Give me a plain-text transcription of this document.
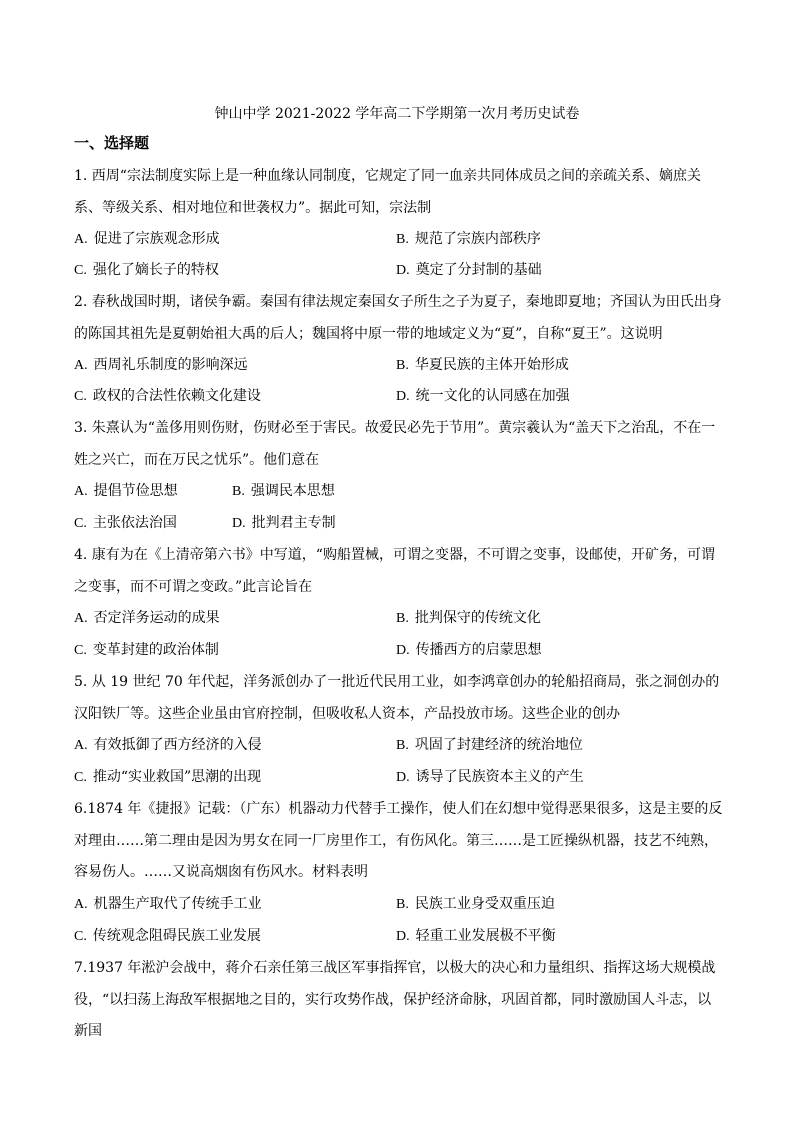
钟山中学 2021-2022 学年高二下学期第一次月考历史试卷
一、选择题

1. 西周“宗法制度实际上是一种血缘认同制度，它规定了同一血亲共同体成员之间的亲疏关系、嫡庶关系、等级关系、相对地位和世袭权力”。据此可知，宗法制

A. 促进了宗族观念形成	B. 规范了宗族内部秩序
C. 强化了嫡长子的特权	D. 奠定了分封制的基础

2. 春秋战国时期，诸侯争霸。秦国有律法规定秦国女子所生之子为夏子，秦地即夏地；齐国认为田氏出身的陈国其祖先是夏朝始祖大禹的后人；魏国将中原一带的地域定义为“夏”，自称“夏王”。这说明

A. 西周礼乐制度的影响深远	B. 华夏民族的主体开始形成
C. 政权的合法性依赖文化建设	D. 统一文化的认同感在加强

3. 朱熹认为“盖侈用则伤财，伤财必至于害民。故爱民必先于节用”。黄宗羲认为“盖天下之治乱，不在一姓之兴亡，而在万民之忧乐”。他们意在

A. 提倡节俭思想	B. 强调民本思想
C. 主张依法治国	D. 批判君主专制

4. 康有为在《上清帝第六书》中写道，“购船置械，可谓之变器，不可谓之变事，设邮使，开矿务，可谓之变事，而不可谓之变政。”此言论旨在

A. 否定洋务运动的成果	B. 批判保守的传统文化
C. 变革封建的政治体制	D. 传播西方的启蒙思想

5. 从 19 世纪 70 年代起，洋务派创办了一批近代民用工业，如李鸿章创办的轮船招商局，张之洞创办的汉阳铁厂等。这些企业虽由官府控制，但吸收私人资本，产品投放市场。这些企业的创办

A. 有效抵御了西方经济的入侵	B. 巩固了封建经济的统治地位
C. 推动“实业救国”思潮的出现	D. 诱导了民族资本主义的产生

6.1874 年《捷报》记载：（广东）机器动力代替手工操作，使人们在幻想中觉得恶果很多，这是主要的反对理由……第二理由是因为男女在同一厂房里作工，有伤风化。第三……是工匠操纵机器，技艺不纯熟，容易伤人。……又说高烟囱有伤风水。材料表明

A. 机器生产取代了传统手工业	B. 民族工业身受双重压迫
C. 传统观念阻碍民族工业发展	D. 轻重工业发展极不平衡

7.1937 年淞沪会战中，蒋介石亲任第三战区军事指挥官，以极大的决心和力量组织、指挥这场大规模战役，“以扫荡上海敌军根据地之目的，实行攻势作战，保护经济命脉，巩固首都，同时激励国人斗志，以新国
